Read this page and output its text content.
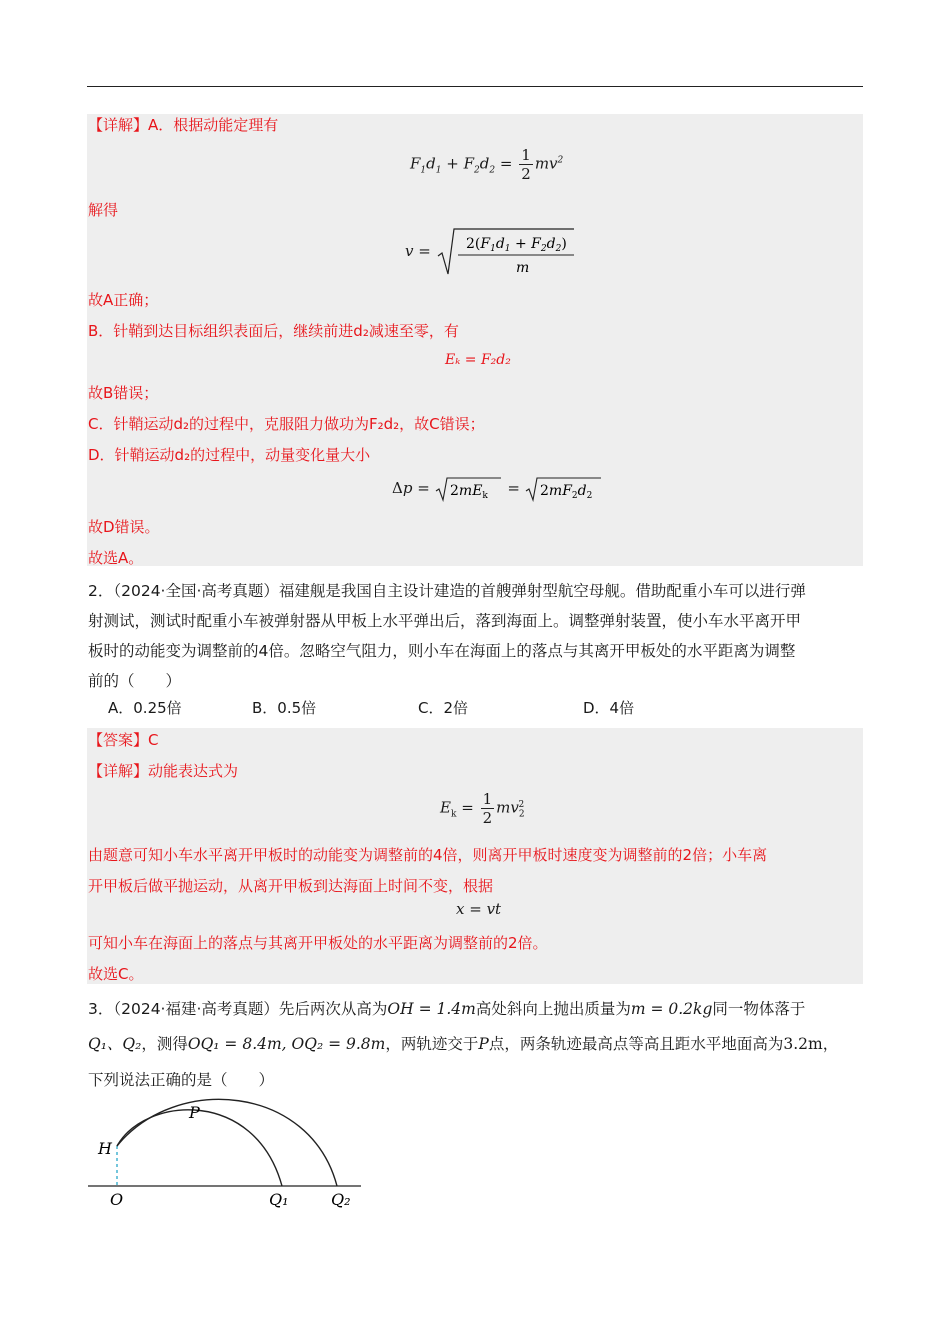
【详解】A．根据动能定理有
$F_1d_1 + F_2d_2 = \frac{1}{2} mv^2$
解得
$v = 2(F_1d_1 + F_2d_2)$
m
故A正确；
B．针鞘到达目标组织表面后，继续前进d₂减速至零，有
Eₖ = F₂d₂
故B错误；
C．针鞘运动d₂的过程中，克服阻力做功为F₂d₂，故C错误；
D．针鞘运动d₂的过程中，动量变化量大小
$\Delta p = 2mE_k = 2mF_2d_2$
故D错误。
故选A。
2．（2024·全国·高考真题）福建舰是我国自主设计建造的首艘弹射型航空母舰。借助配重小车可以进行弹
射测试，测试时配重小车被弹射器从甲板上水平弹出后，落到海面上。调整弹射装置，使小车水平离开甲
板时的动能变为调整前的4倍。忽略空气阻力，则小车在海面上的落点与其离开甲板处的水平距离为调整
前的（　　）
A．0.25倍	B．0.5倍	C．2倍	D．4倍
【答案】C
【详解】动能表达式为
$E_k = \frac{1}{2} mv_2^2$
由题意可知小车水平离开甲板时的动能变为调整前的4倍，则离开甲板时速度变为调整前的2倍；小车离
开甲板后做平抛运动，从离开甲板到达海面上时间不变，根据
x = vt
可知小车在海面上的落点与其离开甲板处的水平距离为调整前的2倍。
故选C。
3．（2024·福建·高考真题）先后两次从高为OH = 1.4m高处斜向上抛出质量为m = 0.2kg同一物体落于
Q₁、Q₂，测得OQ₁ = 8.4m, OQ₂ = 9.8m，两轨迹交于P点，两条轨迹最高点等高且距水平地面高为3.2m，
下列说法正确的是（　　）
H
P
O	Q₁	Q₂
